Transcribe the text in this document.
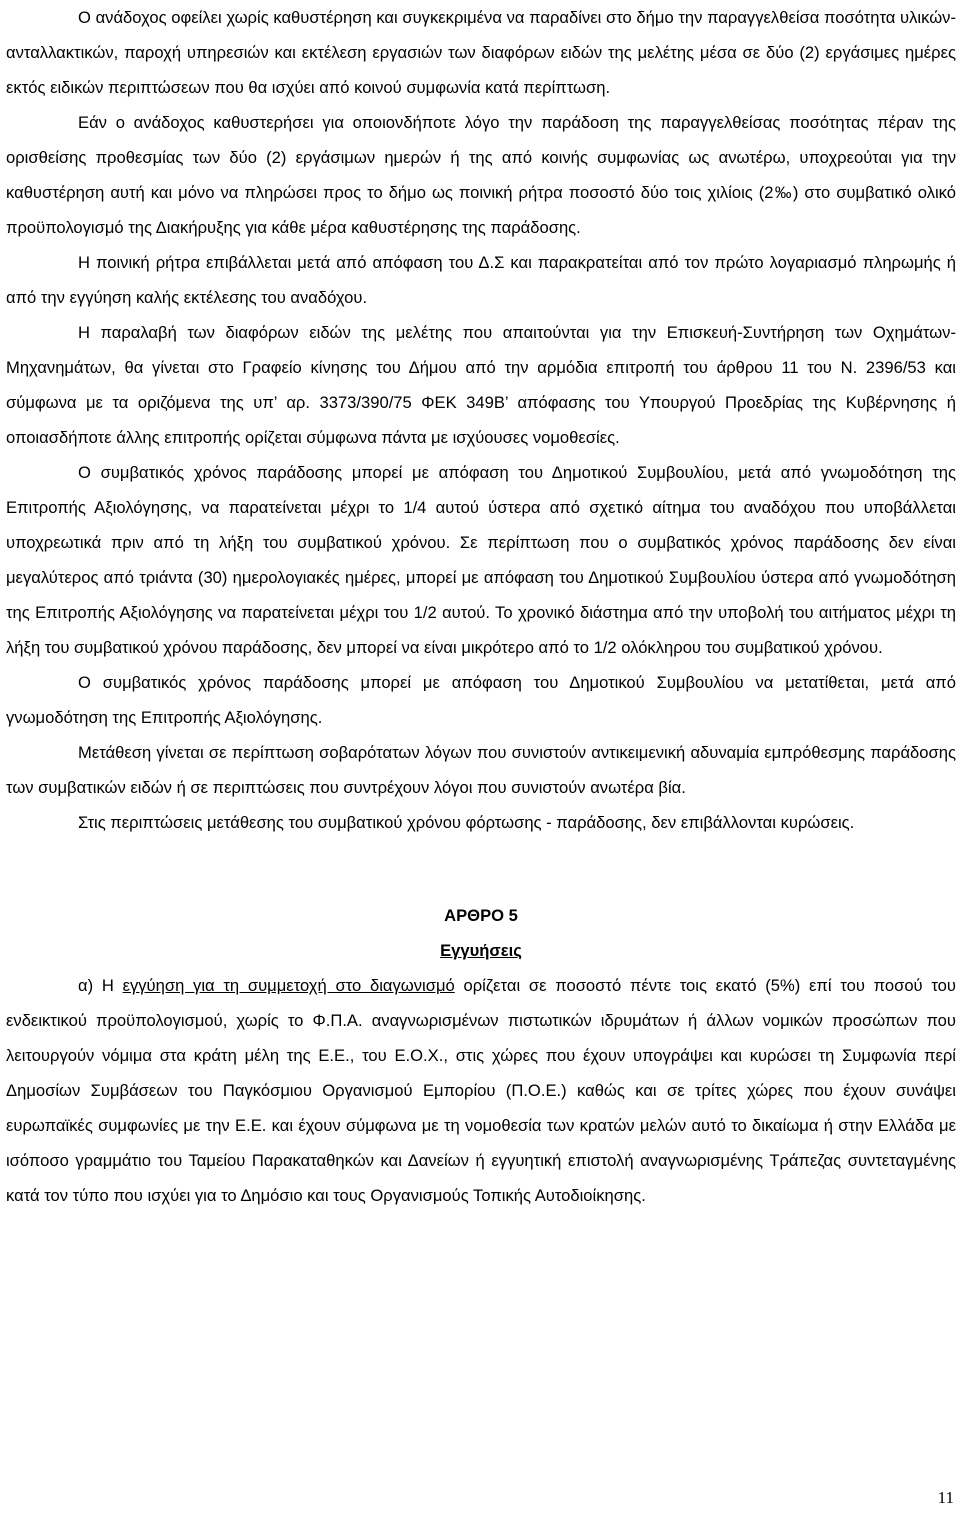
Ο ανάδοχος οφείλει χωρίς καθυστέρηση και συγκεκριμένα να παραδίνει στο δήμο την παραγγελθείσα ποσότητα υλικών-ανταλλακτικών, παροχή υπηρεσιών και εκτέλεση εργασιών των διαφόρων ειδών της μελέτης μέσα σε δύο (2) εργάσιμες ημέρες εκτός ειδικών περιπτώσεων που θα ισχύει από κοινού συμφωνία κατά περίπτωση.

Εάν ο ανάδοχος καθυστερήσει για οποιονδήποτε λόγο την παράδοση της παραγγελθείσας ποσότητας πέραν της ορισθείσης προθεσμίας των δύο (2) εργάσιμων ημερών ή της από κοινής συμφωνίας ως ανωτέρω, υποχρεούται για την καθυστέρηση αυτή και μόνο να πληρώσει προς το δήμο ως ποινική ρήτρα ποσοστό δύο τοις χιλίοις (2‰) στο συμβατικό ολικό προϋπολογισμό της Διακήρυξης για κάθε μέρα καθυστέρησης της παράδοσης.

Η ποινική ρήτρα επιβάλλεται μετά από απόφαση του Δ.Σ και παρακρατείται από τον πρώτο λογαριασμό πληρωμής ή από την εγγύηση καλής εκτέλεσης του αναδόχου.

Η παραλαβή των διαφόρων ειδών της μελέτης που απαιτούνται για την Επισκευή-Συντήρηση των Οχημάτων-Μηχανημάτων, θα γίνεται στο Γραφείο κίνησης του Δήμου από την αρμόδια επιτροπή του άρθρου 11 του Ν. 2396/53 και σύμφωνα με τα οριζόμενα της υπ’ αρ. 3373/390/75 ΦΕΚ 349Β’ απόφασης του Υπουργού Προεδρίας της Κυβέρνησης ή οποιασδήποτε άλλης επιτροπής ορίζεται σύμφωνα πάντα με ισχύουσες νομοθεσίες.

Ο συμβατικός χρόνος παράδοσης μπορεί με απόφαση του Δημοτικού Συμβουλίου, μετά από γνωμοδότηση της Επιτροπής Αξιολόγησης, να παρατείνεται μέχρι το 1/4 αυτού ύστερα από σχετικό αίτημα του αναδόχου που υποβάλλεται υποχρεωτικά πριν από τη λήξη του συμβατικού χρόνου. Σε περίπτωση που ο συμβατικός χρόνος παράδοσης δεν είναι μεγαλύτερος από τριάντα (30) ημερολογιακές ημέρες, μπορεί με απόφαση του Δημοτικού Συμβουλίου ύστερα από γνωμοδότηση της Επιτροπής Αξιολόγησης να παρατείνεται μέχρι του 1/2 αυτού. Το χρονικό διάστημα από την υποβολή του αιτήματος μέχρι τη λήξη του συμβατικού χρόνου παράδοσης, δεν μπορεί να είναι μικρότερο από το 1/2 ολόκληρου του συμβατικού χρόνου.

Ο συμβατικός χρόνος παράδοσης μπορεί με απόφαση του Δημοτικού Συμβουλίου να μετατίθεται, μετά από γνωμοδότηση της Επιτροπής Αξιολόγησης.

Μετάθεση γίνεται σε περίπτωση σοβαρότατων λόγων που συνιστούν αντικειμενική αδυναμία εμπρόθεσμης παράδοσης των συμβατικών ειδών ή σε περιπτώσεις που συντρέχουν λόγοι που συνιστούν ανωτέρα βία.

Στις περιπτώσεις μετάθεσης του συμβατικού χρόνου φόρτωσης - παράδοσης, δεν επιβάλλονται κυρώσεις.

ΑΡΘΡΟ 5
Εγγυήσεις

α) Η εγγύηση για τη συμμετοχή στο διαγωνισμό ορίζεται σε ποσοστό πέντε τοις εκατό (5%) επί του ποσού του ενδεικτικού προϋπολογισμού, χωρίς το Φ.Π.Α. αναγνωρισμένων πιστωτικών ιδρυμάτων ή άλλων νομικών προσώπων που λειτουργούν νόμιμα στα κράτη μέλη της Ε.Ε., του Ε.Ο.Χ., στις χώρες που έχουν υπογράψει και κυρώσει τη Συμφωνία περί Δημοσίων Συμβάσεων του Παγκόσμιου Οργανισμού Εμπορίου (Π.Ο.Ε.) καθώς και σε τρίτες χώρες που έχουν συνάψει ευρωπαϊκές συμφωνίες με την Ε.Ε. και έχουν σύμφωνα με τη νομοθεσία των κρατών μελών αυτό το δικαίωμα ή στην Ελλάδα με ισόποσο γραμμάτιο του Ταμείου Παρακαταθηκών και Δανείων ή εγγυητική επιστολή αναγνωρισμένης Τράπεζας συντεταγμένης κατά τον τύπο που ισχύει για το Δημόσιο και τους Οργανισμούς Τοπικής Αυτοδιοίκησης.

11
